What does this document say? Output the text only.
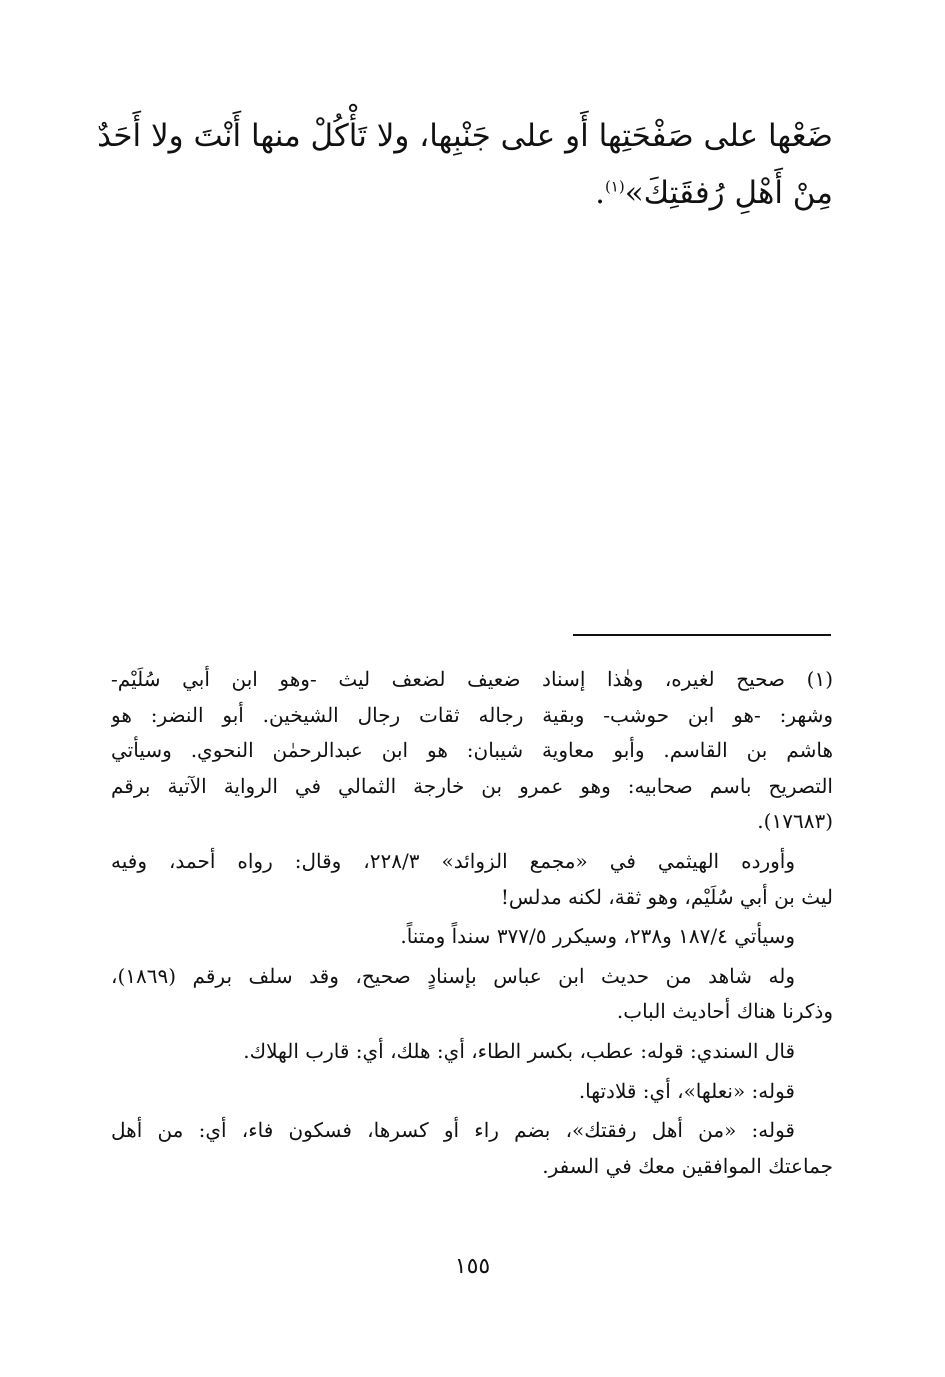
ضَعْها على صَفْحَتِها أَو على جَنْبِها، ولا تَأْكُلْ منها أَنْتَ ولا أَحَدٌ
مِنْ أَهْلِ رُفقَتِكَ»$^{(١)}$.
(١) صحيح لغيره، وهٰذا إسناد ضعيف لضعف ليث -وهو ابن أبي سُلَيْم-
وشهر: -هو ابن حوشب- وبقية رجاله ثقات رجال الشيخين. أبو النضر: هو
هاشم بن القاسم. وأبو معاوية شيبان: هو ابن عبدالرحمٰن النحوي. وسيأتي
التصريح باسم صحابيه: وهو عمرو بن خارجة الثمالي في الرواية الآتية برقم
(١٧٦٨٣).
وأورده الهيثمي في «مجمع الزوائد» ٢٢٨/٣، وقال: رواه أحمد، وفيه
ليث بن أبي سُلَيْم، وهو ثقة، لكنه مدلس!
وسيأتي ١٨٧/٤ و٢٣٨، وسيكرر ٣٧٧/٥ سنداً ومتناً.
وله شاهد من حديث ابن عباس بإسنادٍ صحيح، وقد سلف برقم (١٨٦٩)،
وذكرنا هناك أحاديث الباب.
قال السندي: قوله: عطب، بكسر الطاء، أي: هلك، أي: قارب الهلاك.
قوله: «نعلها»، أي: قلادتها.
قوله: «من أهل رفقتك»، بضم راء أو كسرها، فسكون فاء، أي: من أهل
جماعتك الموافقين معك في السفر.
١٥٥
